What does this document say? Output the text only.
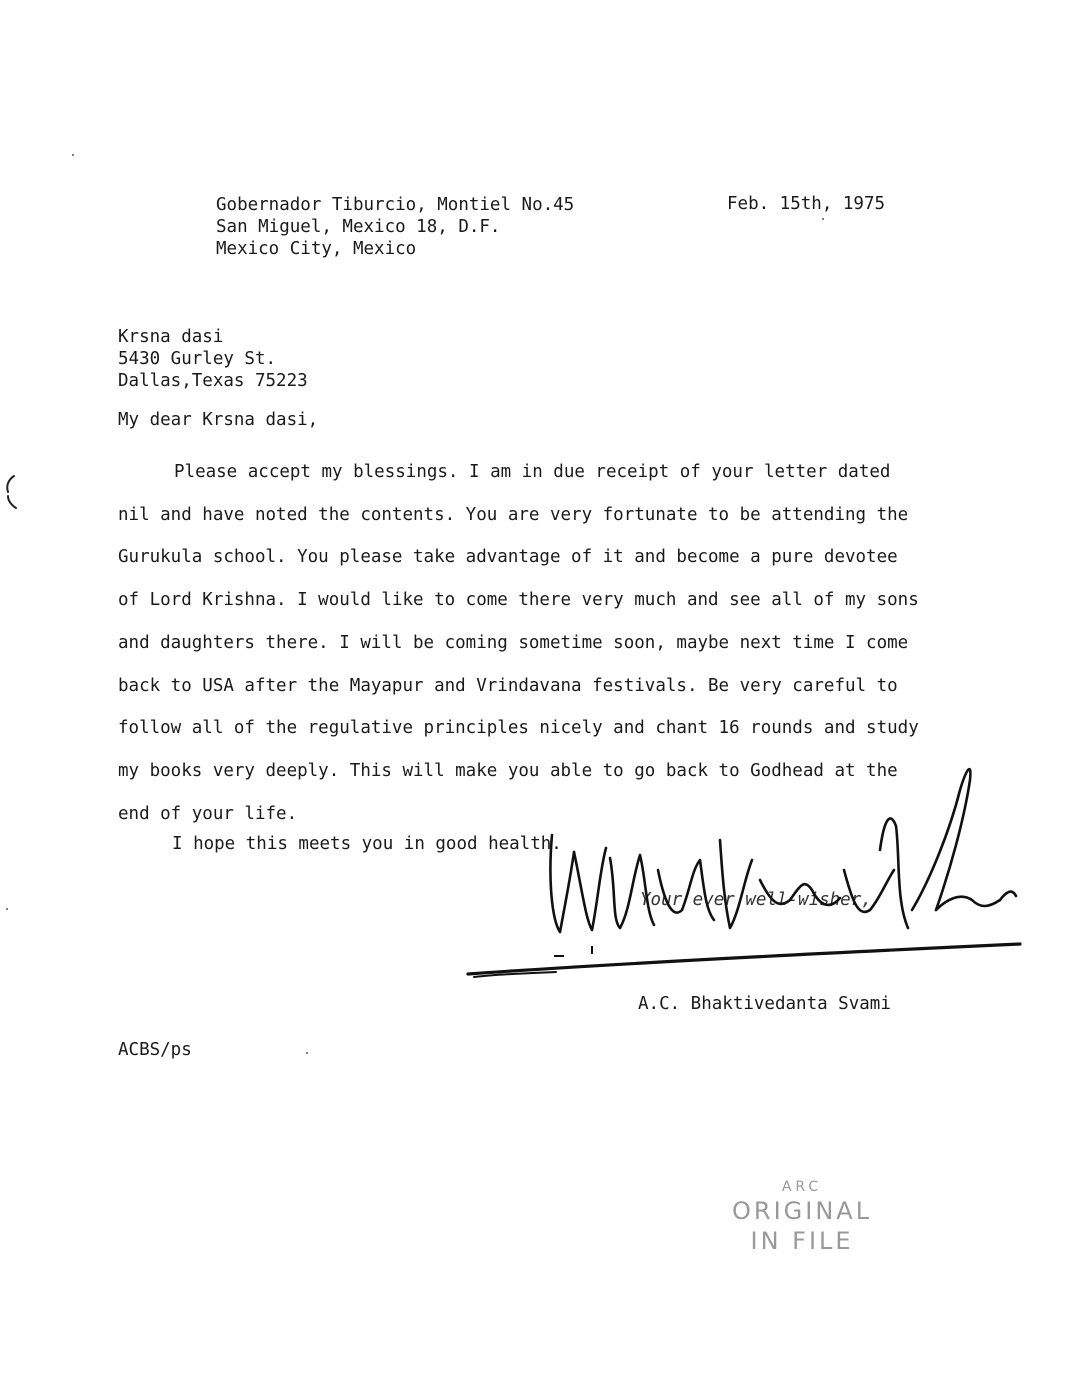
Gobernador Tiburcio, Montiel No.45
San Miguel, Mexico 18, D.F.
Mexico City, Mexico
Feb. 15th, 1975
Krsna dasi
5430 Gurley St.
Dallas,Texas 75223
My dear Krsna dasi,
Please accept my blessings. I am in due receipt of your letter dated
nil and have noted the contents. You are very fortunate to be attending the
Gurukula school. You please take advantage of it and become a pure devotee
of Lord Krishna. I would like to come there very much and see all of my sons
and daughters there. I will be coming sometime soon, maybe next time I come
back to USA after the Mayapur and Vrindavana festivals. Be very careful to
follow all of the regulative principles nicely and chant 16 rounds and study
my books very deeply. This will make you able to go back to Godhead at the
end of your life.
I hope this meets you in good health.
Your ever well-wisher,
A.C. Bhaktivedanta Svami
ACBS/ps
ARC
ORIGINAL
IN FILE
